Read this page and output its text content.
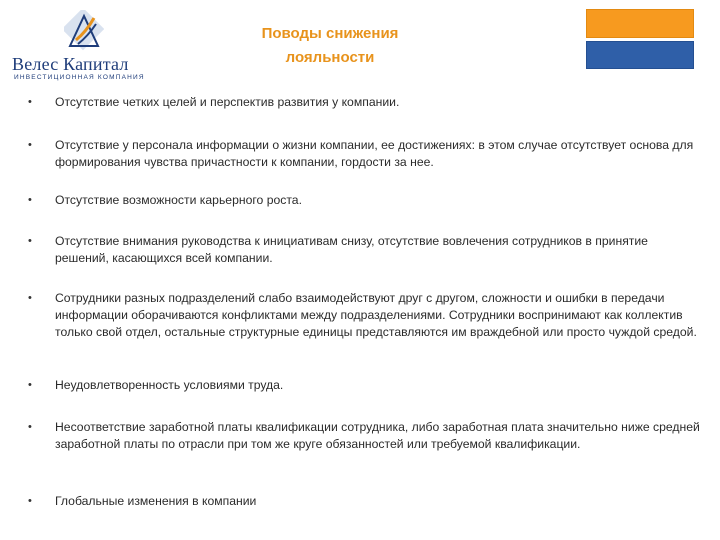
Велес Капитал
ИНВЕСТИЦИОННАЯ КОМПАНИЯ
Поводы снижения
лояльности
• Отсутствие четких целей и перспектив развития у компании.
• Отсутствие у персонала информации о жизни компании, ее достижениях: в этом случае отсутствует основа для формирования чувства причастности к компании, гордости за нее.
• Отсутствие возможности карьерного роста.
• Отсутствие внимания руководства к инициативам снизу, отсутствие вовлечения сотрудников в принятие решений, касающихся всей компании.
• Сотрудники разных подразделений слабо взаимодействуют друг с другом, сложности и ошибки в передачи информации оборачиваются конфликтами между подразделениями. Сотрудники воспринимают как коллектив только свой отдел, остальные структурные единицы представляются им враждебной или просто чуждой средой.
• Неудовлетворенность условиями труда.
• Несоответствие заработной платы квалификации сотрудника, либо заработная плата значительно ниже средней заработной платы по отрасли при том же круге обязанностей или требуемой квалификации.
• Глобальные изменения в компании
